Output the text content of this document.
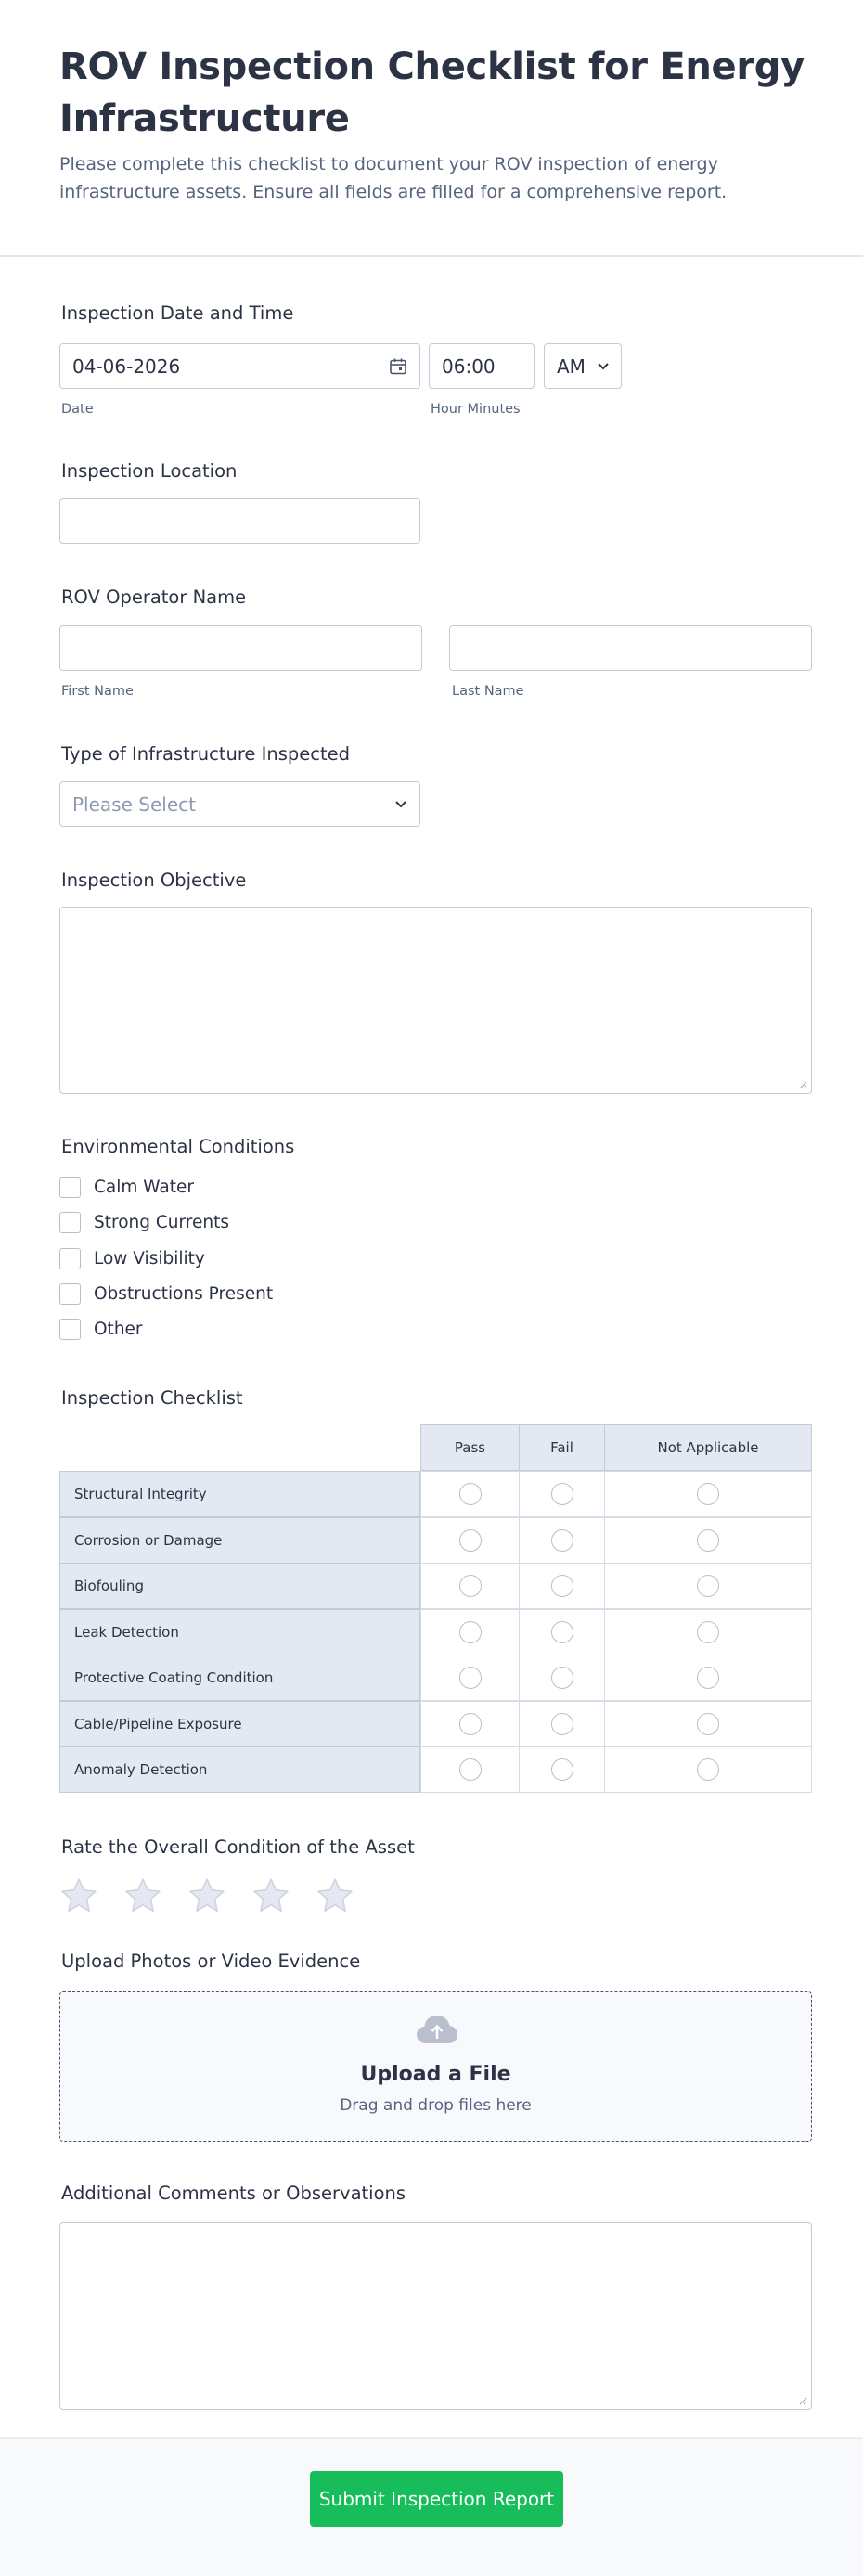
ROV Inspection Checklist for Energy Infrastructure
Please complete this checklist to document your ROV inspection of energy infrastructure assets. Ensure all fields are filled for a comprehensive report.
Inspection Date and Time
04-06-2026
Date
06:00	AM
Hour Minutes
Inspection Location
ROV Operator Name
First Name	Last Name
Type of Infrastructure Inspected
Please Select
Inspection Objective
Environmental Conditions
Calm Water
Strong Currents
Low Visibility
Obstructions Present
Other
Inspection Checklist
Pass	Fail	Not Applicable
Structural Integrity
Corrosion or Damage
Biofouling
Leak Detection
Protective Coating Condition
Cable/Pipeline Exposure
Anomaly Detection
Rate the Overall Condition of the Asset
Upload Photos or Video Evidence
Upload a File
Drag and drop files here
Additional Comments or Observations
Submit Inspection Report
